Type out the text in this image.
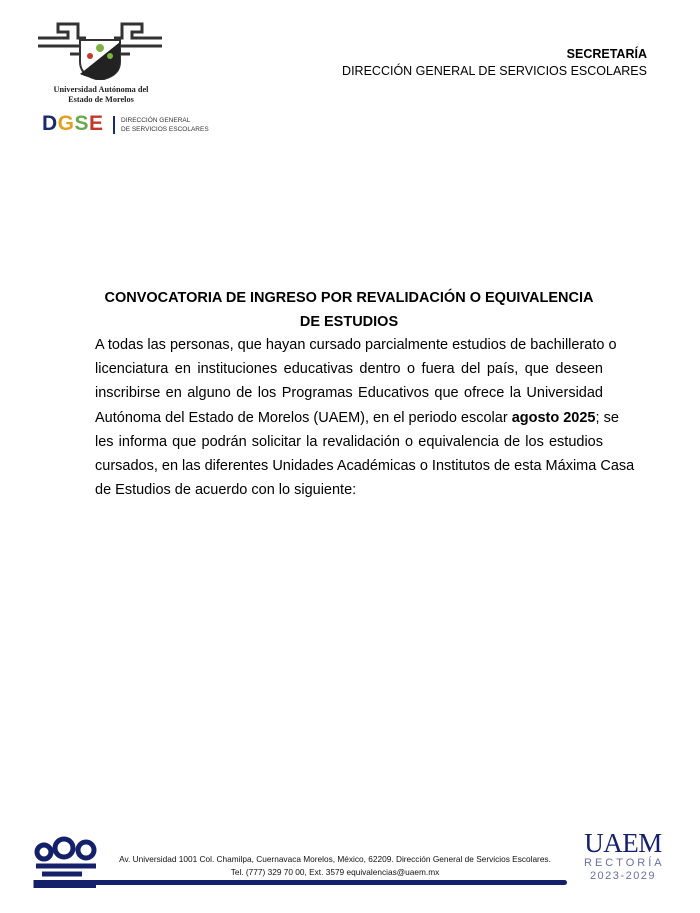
Universidad Autónoma del
Estado de Morelos
DGSE	DIRECCIÓN GENERAL
DE SERVICIOS ESCOLARES
SECRETARÍA
DIRECCIÓN GENERAL DE SERVICIOS ESCOLARES
CONVOCATORIA DE INGRESO POR REVALIDACIÓN O EQUIVALENCIA DE ESTUDIOS
A todas las personas, que hayan cursado parcialmente estudios de bachillerato o
licenciatura en instituciones educativas dentro o fuera del país, que deseen
inscribirse en alguno de los Programas Educativos que ofrece la Universidad
Autónoma del Estado de Morelos (UAEM), en el periodo escolar agosto 2025; se
les informa que podrán solicitar la revalidación o equivalencia de los estudios
cursados, en las diferentes Unidades Académicas o Institutos de esta Máxima Casa
de Estudios de acuerdo con lo siguiente:
Av. Universidad 1001 Col. Chamilpa, Cuernavaca Morelos, México, 62209. Dirección General de Servicios Escolares.
Tel. (777) 329 70 00, Ext. 3579 equivalencias@uaem.mx
UAEM
RECTORÍA
2023-2029
